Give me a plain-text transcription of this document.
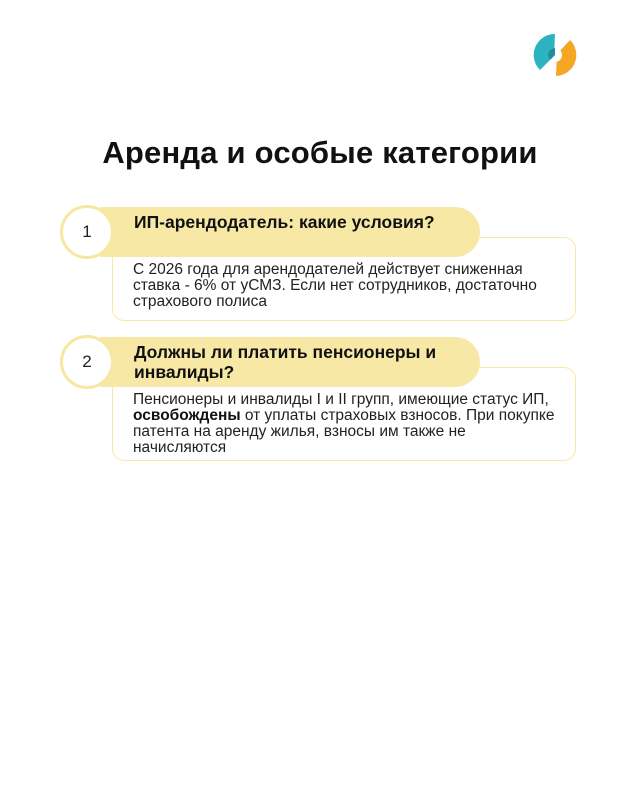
Аренда и особые категории
1	ИП-арендодатель: какие условия?
С 2026 года для арендодателей действует сниженная ставка - 6% от уСМЗ. Если нет сотрудников, достаточно страхового полиса
2	Должны ли платить пенсионеры и инвалиды?
Пенсионеры и инвалиды I и II групп, имеющие статус ИП, освобождены от уплаты страховых взносов. При покупке патента на аренду жилья, взносы им также не начисляются
